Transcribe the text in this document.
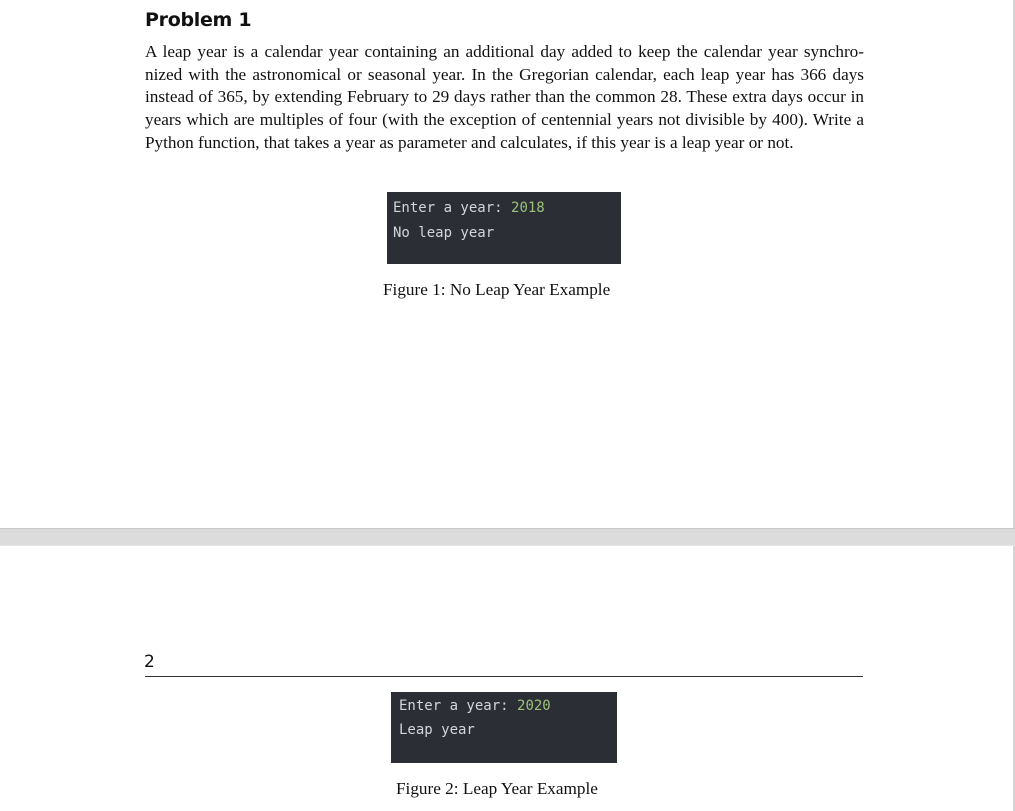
Problem 1

A leap year is a calendar year containing an additional day added to keep the calendar year synchronized with the astronomical or seasonal year. In the Gregorian calendar, each leap year has 366 days instead of 365, by extending February to 29 days rather than the common 28. These extra days occur in years which are multiples of four (with the exception of centennial years not divisible by 400). Write a Python function, that takes a year as parameter and calculates, if this year is a leap year or not.

Enter a year: 2018
No leap year

Figure 1: No Leap Year Example

2
Enter a year: 2020
Leap year

Figure 2: Leap Year Example
